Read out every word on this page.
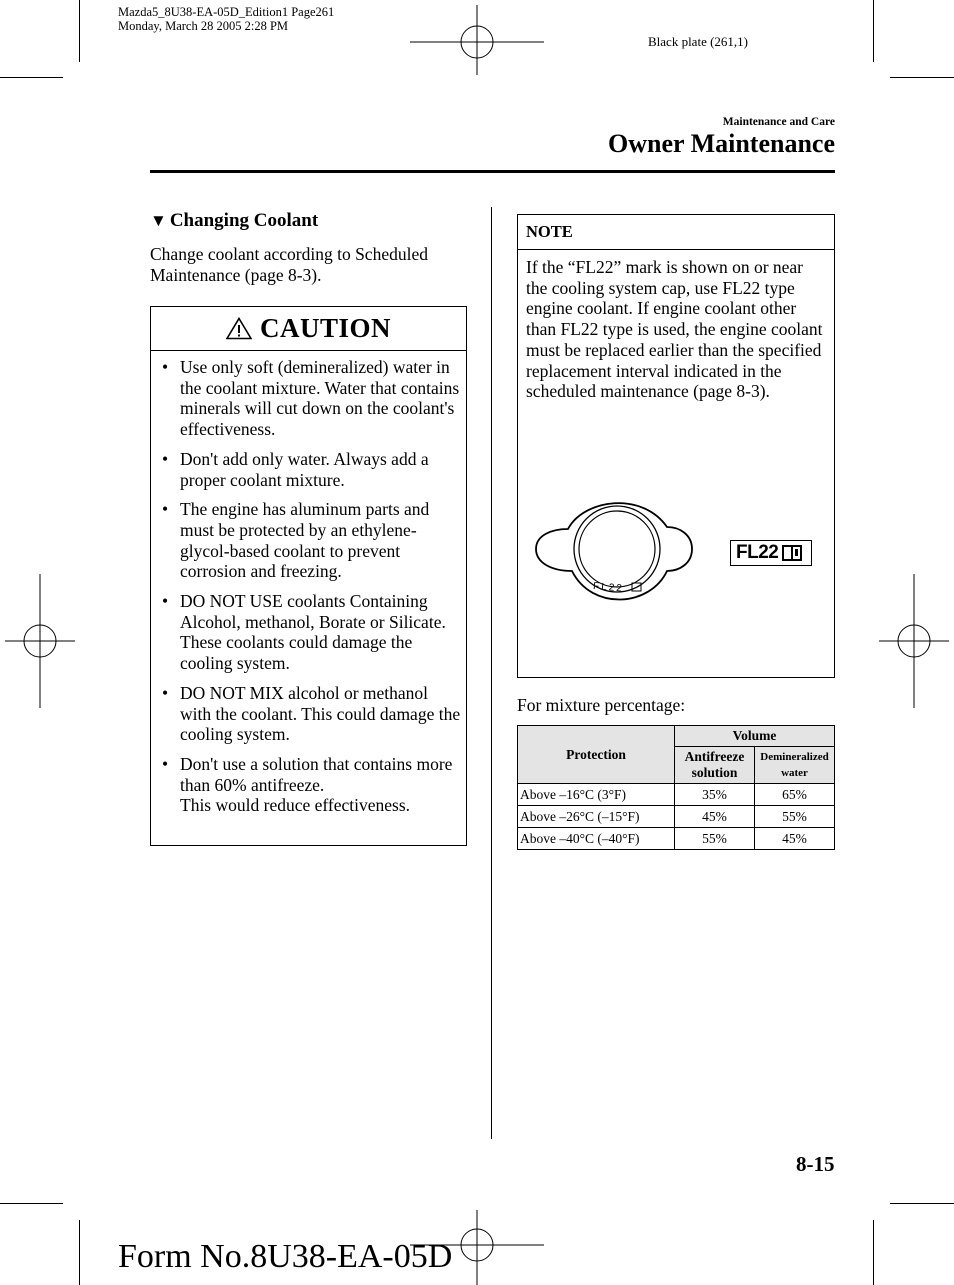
Mazda5_8U38-EA-05D_Edition1 Page261
Monday, March 28 2005 2:28 PM
Black plate (261,1)
Maintenance and Care
Owner Maintenance
▼ Changing Coolant
Change coolant according to Scheduled Maintenance (page 8-3).
CAUTION
• Use only soft (demineralized) water in the coolant mixture. Water that contains minerals will cut down on the coolant's effectiveness.
• Don't add only water. Always add a proper coolant mixture.
• The engine has aluminum parts and must be protected by an ethylene-glycol-based coolant to prevent corrosion and freezing.
• DO NOT USE coolants Containing Alcohol, methanol, Borate or Silicate.
These coolants could damage the cooling system.
• DO NOT MIX alcohol or methanol with the coolant. This could damage the cooling system.
• Don't use a solution that contains more than 60% antifreeze.
This would reduce effectiveness.
NOTE
If the “FL22” mark is shown on or near the cooling system cap, use FL22 type engine coolant. If engine coolant other than FL22 type is used, the engine coolant must be replaced earlier than the specified replacement interval indicated in the scheduled maintenance (page 8-3).
FL22
FL22
For mixture percentage:
Protection	Volume	
	Antifreeze solution	Demineralized water
Above –16°C (3°F)	35%	65%
Above –26°C (–15°F)	45%	55%
Above –40°C (–40°F)	55%	45%
8-15
Form No.8U38-EA-05D
